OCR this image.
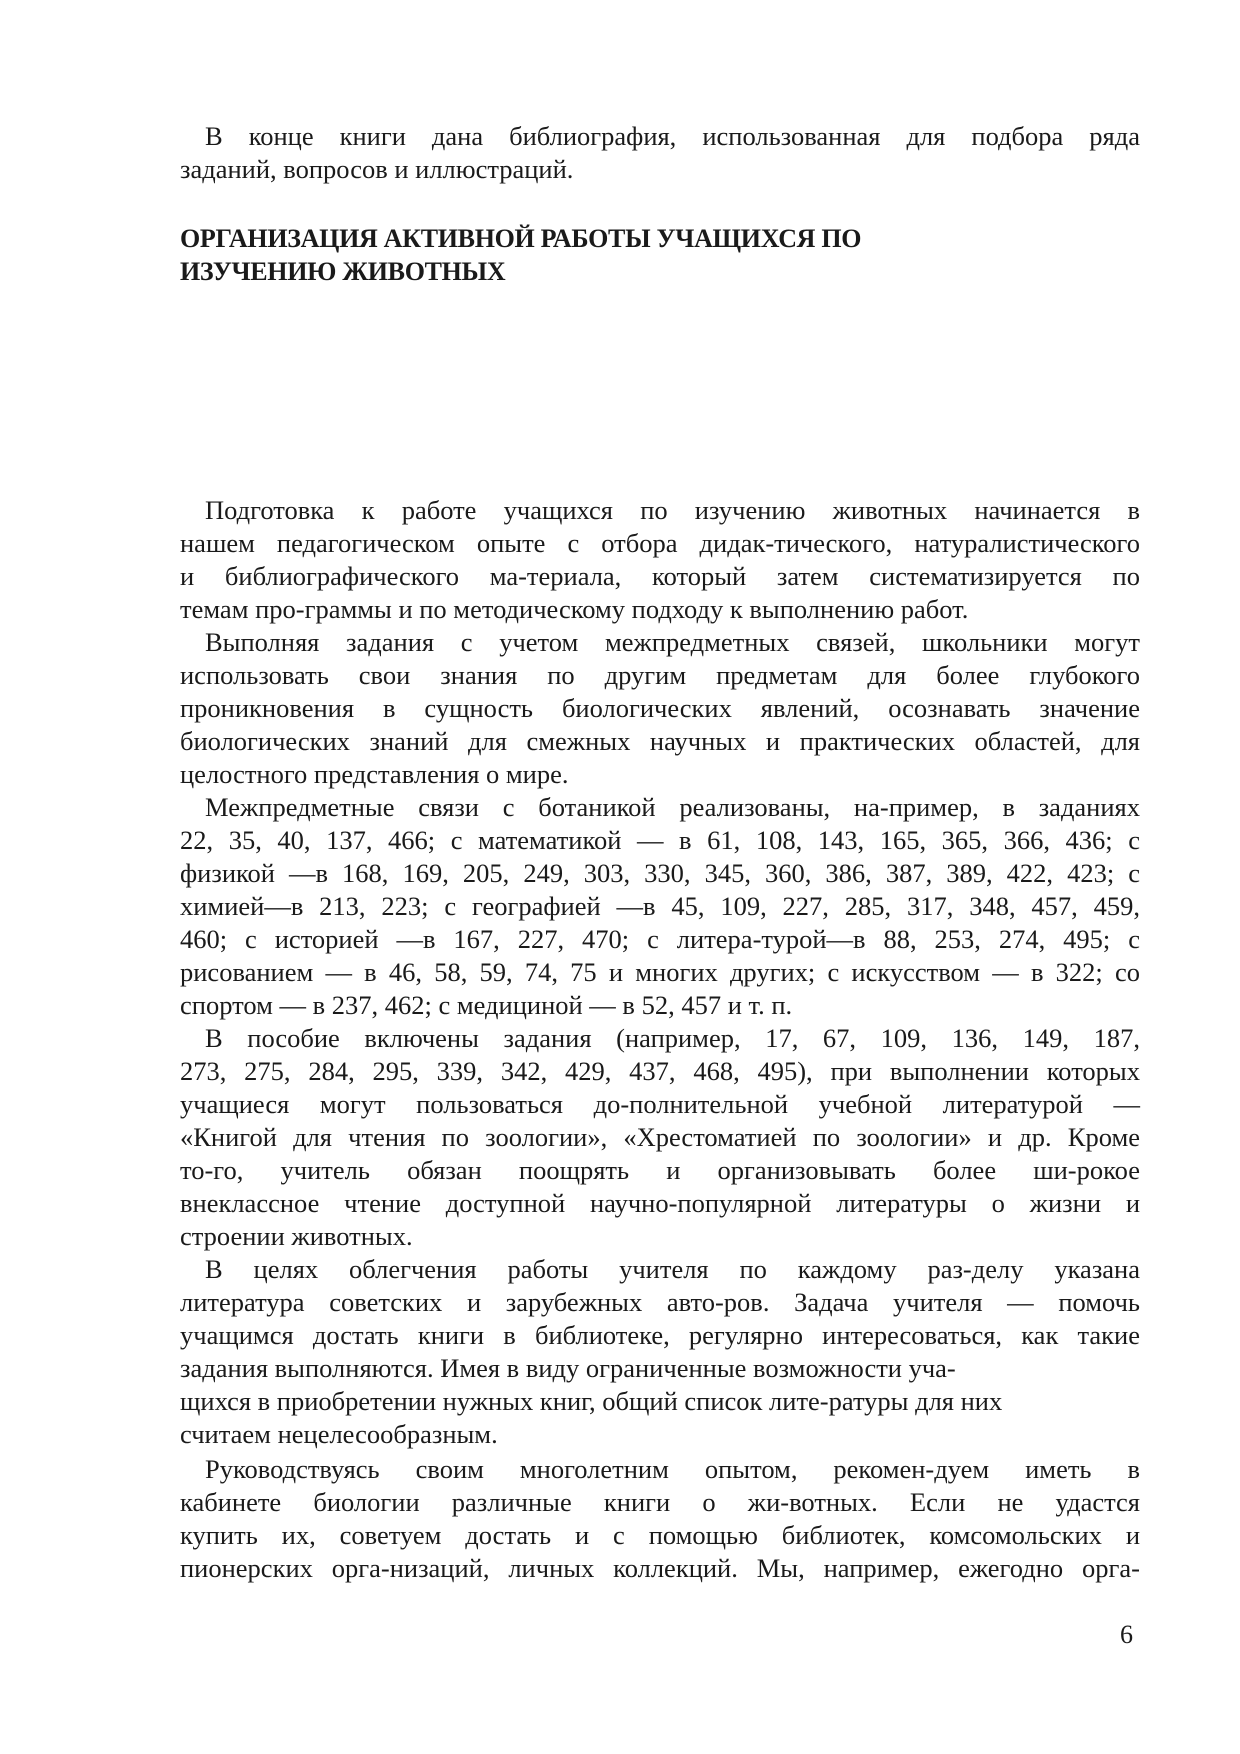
В конце книги дана библиография, использованная для подбора ряда
заданий, вопросов и иллюстраций.
ОРГАНИЗАЦИЯ АКТИВНОЙ РАБОТЫ УЧАЩИХСЯ ПО
ИЗУЧЕНИЮ ЖИВОТНЫХ
Подготовка к работе учащихся по изучению животных начинается в
нашем педагогическом опыте с отбора дидак-тического, натуралистического
и библиографического ма-териала, который затем систематизируется по
темам про-граммы и по методическому подходу к выполнению работ.
Выполняя задания с учетом межпредметных связей, школьники могут
использовать свои знания по другим предметам для более глубокого
проникновения в сущность биологических явлений, осознавать значение
биологических знаний для смежных научных и практических областей, для
целостного представления о мире.
Межпредметные связи с ботаникой реализованы, на-пример, в заданиях
22, 35, 40, 137, 466; с математикой — в 61, 108, 143, 165, 365, 366, 436; с
физикой —в 168, 169, 205, 249, 303, 330, 345, 360, 386, 387, 389, 422, 423; с
химией—в 213, 223; с географией —в 45, 109, 227, 285, 317, 348, 457, 459,
460; с историей —в 167, 227, 470; с литера-турой—в 88, 253, 274, 495; с
рисованием — в 46, 58, 59, 74, 75 и многих других; с искусством — в 322; со
спортом — в 237, 462; с медициной — в 52, 457 и т. п.
В пособие включены задания (например, 17, 67, 109, 136, 149, 187,
273, 275, 284, 295, 339, 342, 429, 437, 468, 495), при выполнении которых
учащиеся могут пользоваться до-полнительной учебной литературой —
«Книгой для чтения по зоологии», «Хрестоматией по зоологии» и др. Кроме
то-го, учитель обязан поощрять и организовывать более ши-рокое
внеклассное чтение доступной научно-популярной литературы о жизни и
строении животных.
В целях облегчения работы учителя по каждому раз-делу указана
литература советских и зарубежных авто-ров. Задача учителя — помочь
учащимся достать книги в библиотеке, регулярно интересоваться, как такие
задания выполняются. Имея в виду ограниченные возможности уча-
щихся в приобретении нужных книг, общий список лите-ратуры для них
считаем нецелесообразным.
Руководствуясь своим многолетним опытом, рекомен-дуем иметь в
кабинете биологии различные книги о жи-вотных. Если не удастся
купить их, советуем достать и с помощью библиотек, комсомольских и
пионерских орга-низаций, личных коллекций. Мы, например, ежегодно орга-
6
